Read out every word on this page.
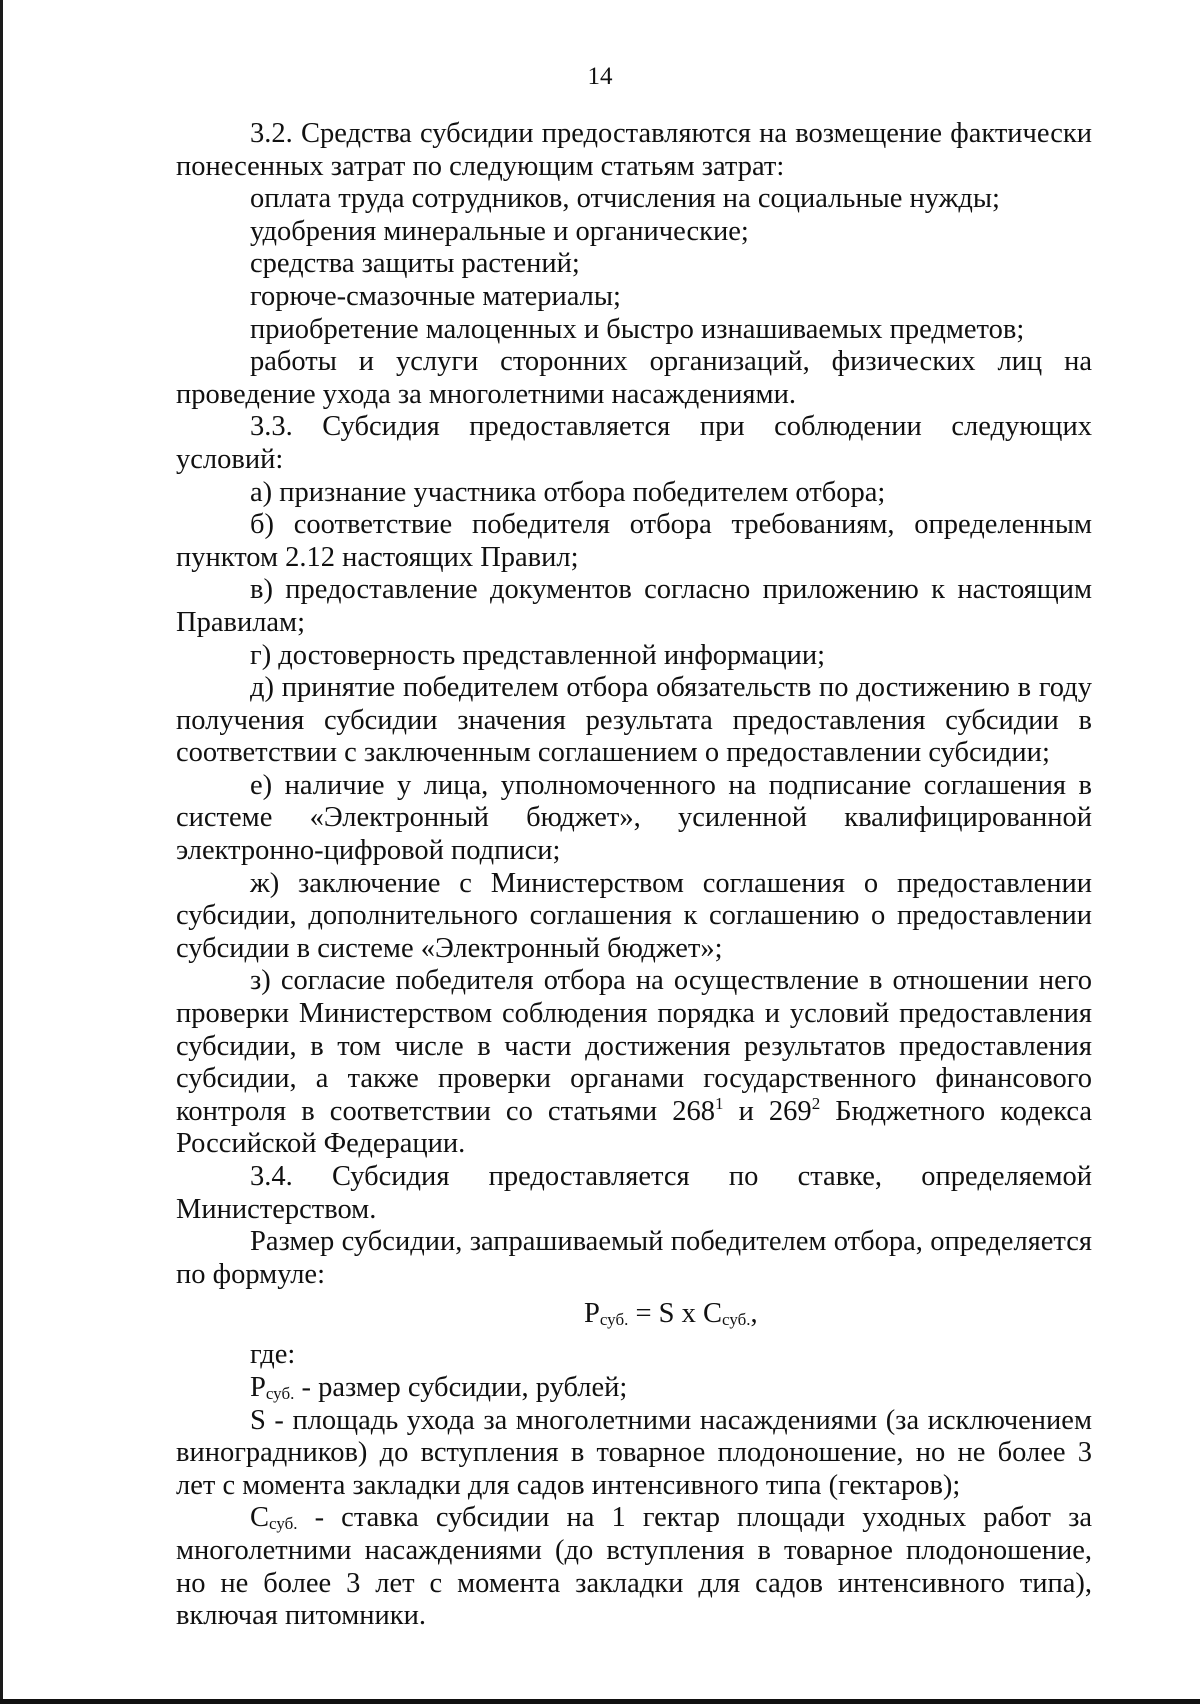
14

3.2. Средства субсидии предоставляются на возмещение фактически понесенных затрат по следующим статьям затрат:

оплата труда сотрудников, отчисления на социальные нужды;

удобрения минеральные и органические;

средства защиты растений;

горюче-смазочные материалы;

приобретение малоценных и быстро изнашиваемых предметов;

работы и услуги сторонних организаций, физических лиц на проведение ухода за многолетними насаждениями.

3.3. Субсидия предоставляется при соблюдении следующих условий:

а) признание участника отбора победителем отбора;

б) соответствие победителя отбора требованиям, определенным пунктом 2.12 настоящих Правил;

в) предоставление документов согласно приложению к настоящим Правилам;

г) достоверность представленной информации;

д) принятие победителем отбора обязательств по достижению в году получения субсидии значения результата предоставления субсидии в соответствии с заключенным соглашением о предоставлении субсидии;

е) наличие у лица, уполномоченного на подписание соглашения в системе «Электронный бюджет», усиленной квалифицированной электронно-цифровой подписи;

ж) заключение с Министерством соглашения о предоставлении субсидии, дополнительного соглашения к соглашению о предоставлении субсидии в системе «Электронный бюджет»;

з) согласие победителя отбора на осуществление в отношении него проверки Министерством соблюдения порядка и условий предоставления субсидии, в том числе в части достижения результатов предоставления субсидии, а также проверки органами государственного финансового контроля в соответствии со статьями $268^1$ и $269^2$ Бюджетного кодекса Российской Федерации.

3.4. Субсидия предоставляется по ставке, определяемой Министерством.

Размер субсидии, запрашиваемый победителем отбора, определяется по формуле:

$Р_{суб.} = S$ x $С_{суб.}$,

где:

$Р_{суб.}$ - размер субсидии, рублей;

S - площадь ухода за многолетними насаждениями (за исключением виноградников) до вступления в товарное плодоношение, но не более 3 лет с момента закладки для садов интенсивного типа (гектаров);

$С_{суб.}$ - ставка субсидии на 1 гектар площади уходных работ за многолетними насаждениями (до вступления в товарное плодоношение, но не более 3 лет с момента закладки для садов интенсивного типа), включая питомники.
